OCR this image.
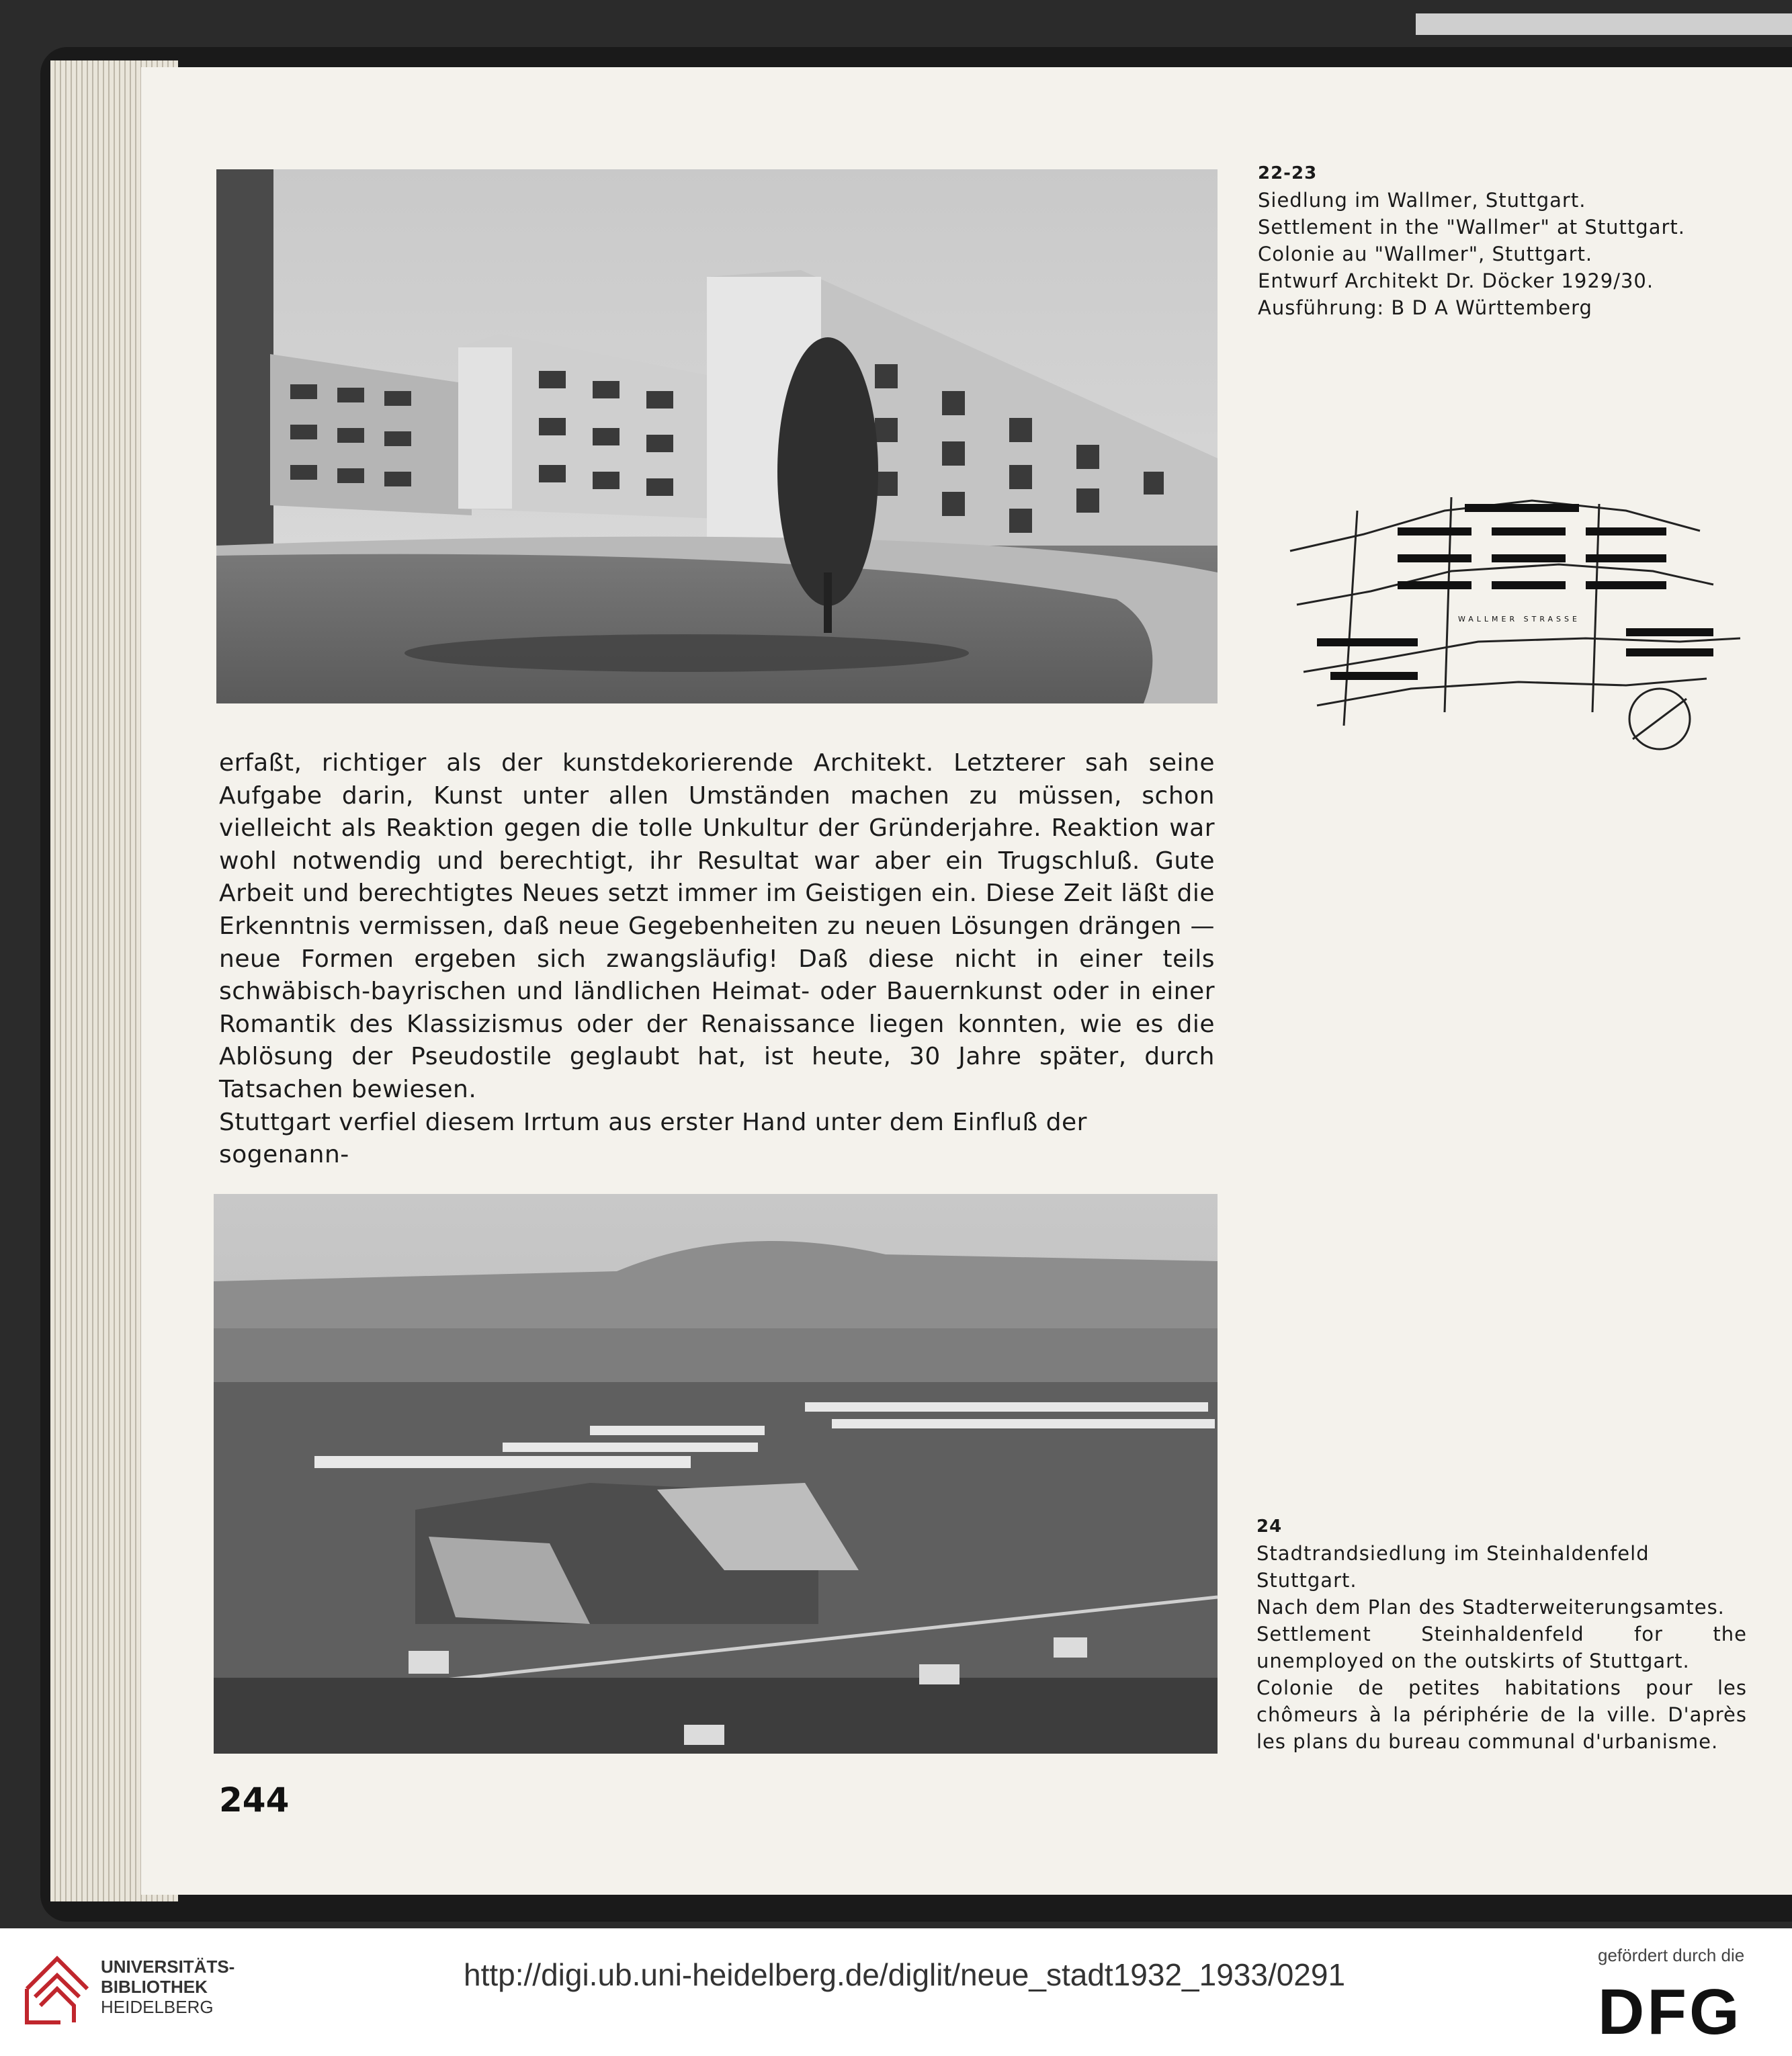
22-23
Siedlung im Wallmer, Stuttgart.
Settlement in the "Wallmer" at Stuttgart.
Colonie au "Wallmer", Stuttgart.
Entwurf Architekt Dr. Döcker 1929/30.
Ausführung: B D A Württemberg
WALLMER STRASSE

erfaßt, richtiger als der kunstdekorierende Architekt. Letzterer sah seine Aufgabe darin, Kunst unter allen Umständen machen zu müssen, schon vielleicht als Reaktion gegen die tolle Unkultur der Gründerjahre. Reaktion war wohl notwendig und berechtigt, ihr Resultat war aber ein Trugschluß. Gute Arbeit und berechtigtes Neues setzt immer im Geistigen ein. Diese Zeit läßt die Erkenntnis vermissen, daß neue Gegebenheiten zu neuen Lösungen drängen — neue Formen ergeben sich zwangsläufig! Daß diese nicht in einer teils schwäbisch-bayrischen und ländlichen Heimat- oder Bauernkunst oder in einer Romantik des Klassizismus oder der Renaissance liegen konnten, wie es die Ablösung der Pseudostile geglaubt hat, ist heute, 30 Jahre später, durch Tatsachen bewiesen.

Stuttgart verfiel diesem Irrtum aus erster Hand unter dem Einfluß der sogenann-

24
Stadtrandsiedlung im Steinhaldenfeld
Stuttgart.
Nach dem Plan des Stadterweiterungsamtes.
Settlement Steinhaldenfeld for the unemployed on the outskirts of Stuttgart.
Colonie de petites habitations pour les chômeurs à la périphérie de la ville. D'après les plans du bureau communal d'urbanisme.
244
UNIVERSITÄTS-
BIBLIOTHEK
HEIDELBERG
http://digi.ub.uni-heidelberg.de/diglit/neue_stadt1932_1933/0291
gefördert durch die
DFG
